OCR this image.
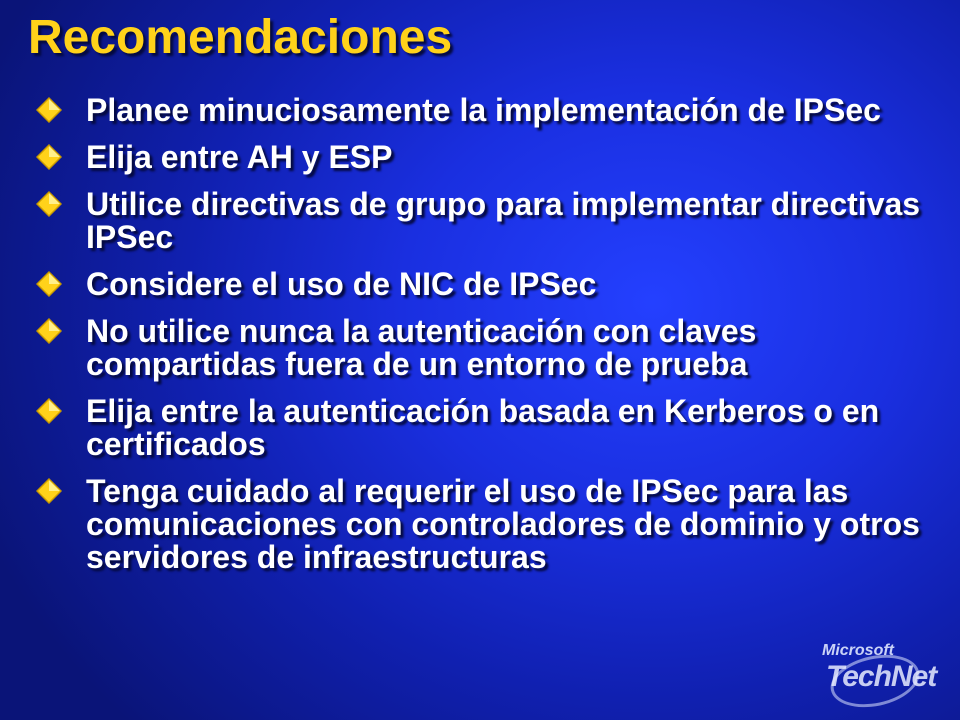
Recomendaciones
Planee minuciosamente la implementación de IPSec
Elija entre AH y ESP
Utilice directivas de grupo para implementar directivas IPSec
Considere el uso de NIC de IPSec
No utilice nunca la autenticación con claves compartidas fuera de un entorno de prueba
Elija entre la autenticación basada en Kerberos o en certificados
Tenga cuidado al requerir el uso de IPSec para las comunicaciones con controladores de dominio y otros servidores de infraestructuras
Microsoft
TechNet
